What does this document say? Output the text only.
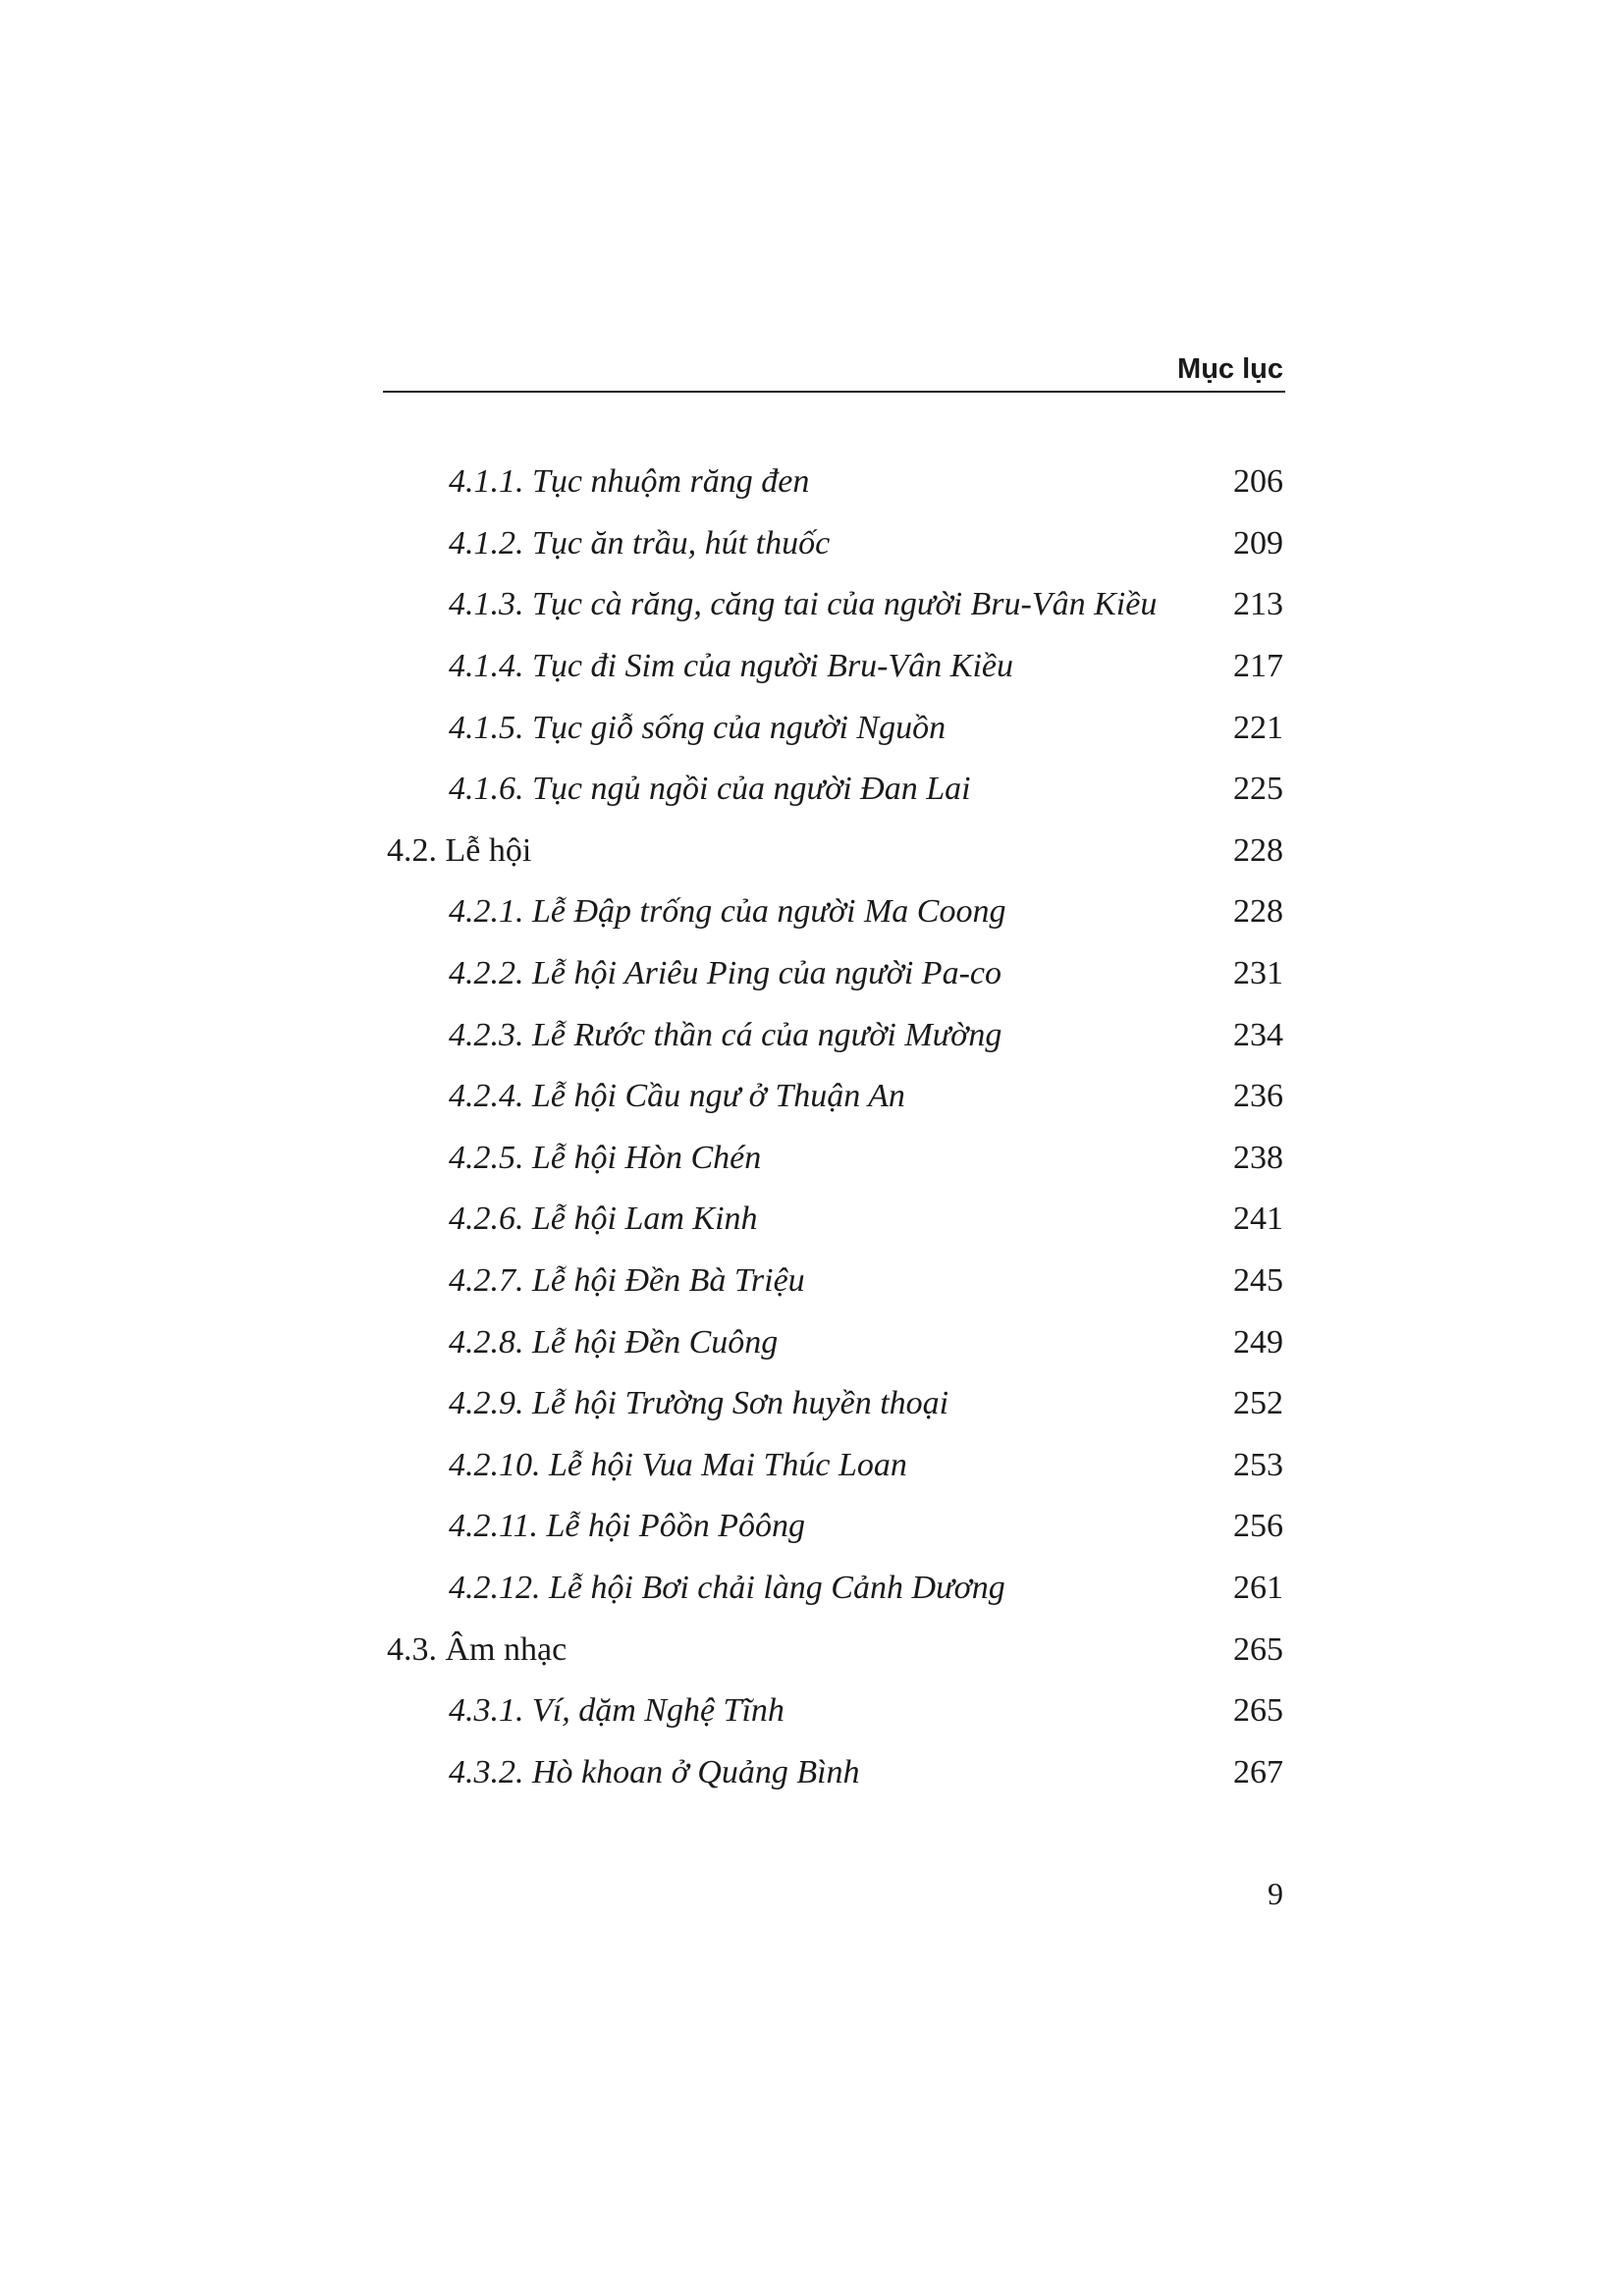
Mục lục
4.1.1. Tục nhuộm răng đen	206
4.1.2. Tục ăn trầu, hút thuốc	209
4.1.3. Tục cà răng, căng tai của người Bru-Vân Kiều 213
4.1.4. Tục đi Sim của người Bru-Vân Kiều	217
4.1.5. Tục giỗ sống của người Nguồn	221
4.1.6. Tục ngủ ngồi của người Đan Lai	225
4.2. Lễ hội	228
4.2.1. Lễ Đập trống của người Ma Coong	228
4.2.2. Lễ hội Ariêu Ping của người Pa-co	231
4.2.3. Lễ Rước thần cá của người Mường	234
4.2.4. Lễ hội Cầu ngư ở Thuận An	236
4.2.5. Lễ hội Hòn Chén	238
4.2.6. Lễ hội Lam Kinh	241
4.2.7. Lễ hội Đền Bà Triệu	245
4.2.8. Lễ hội Đền Cuông	249
4.2.9. Lễ hội Trường Sơn huyền thoại	252
4.2.10. Lễ hội Vua Mai Thúc Loan	253
4.2.11. Lễ hội Pôồn Pôông	256
4.2.12. Lễ hội Bơi chải làng Cảnh Dương	261
4.3. Âm nhạc	265
4.3.1. Ví, dặm Nghệ Tĩnh	265
4.3.2. Hò khoan ở Quảng Bình	267
9
